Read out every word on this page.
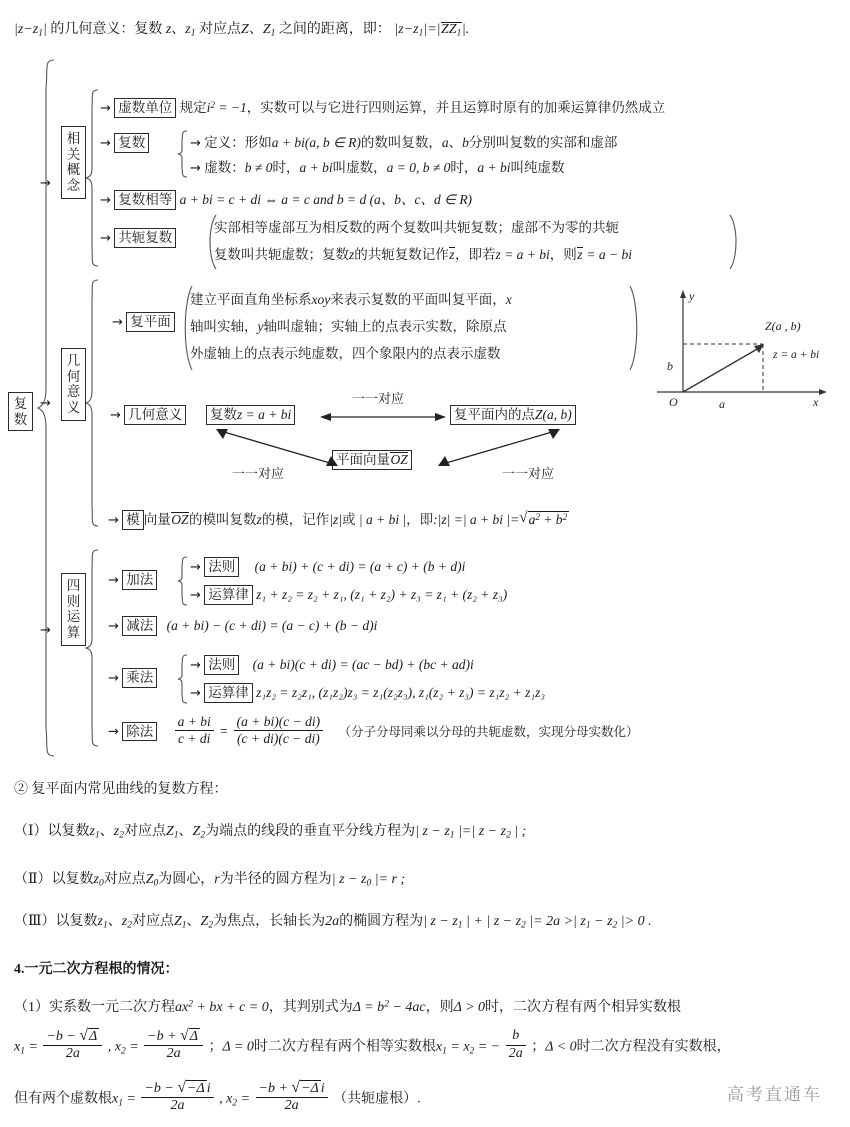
$|z-z_1|$ 的几何意义：复数 z、$z_1$ 对应点Z、$Z_1$ 之间的距离，即： $|z-z_1|=|ZZ_1|$.
复
数
→
→
→
相
关
概
念
几
何
意
义
四
则
运
算
→ 虚数单位 规定$i^2 = -1$，实数可以与它进行四则运算，并且运算时原有的加乘运算律仍然成立
→ 复数	→ 定义：形如a + bi(a, b ∈ R)的数叫复数，a、b分别叫复数的实部和虚部
→ 虚数：b ≠ 0时，a + bi叫虚数，a = 0, b ≠ 0时，a + bi叫纯虚数
→ 复数相等 a + bi = c + di ⇔ a = c and b = d (a、b、c、d ∈ R)
→ 共轭复数
实部相等虚部互为相反数的两个复数叫共轭复数；虚部不为零的共轭
复数叫共轭虚数；复数z的共轭复数记作z，即若z = a + bi，则z = a − bi
→ 复平面
建立平面直角坐标系xoy来表示复数的平面叫复平面，x
轴叫实轴，y轴叫虚轴；实轴上的点表示实数，除原点
外虚轴上的点表示纯虚数，四个象限内的点表示虚数
y
x
O
b
a
Z(a , b)
z = a + bi
→ 几何意义 复数z = a + bi	复平面内的点Z(a, b)
平面向量OZ
一一对应
一一对应	一一对应
→ 模 向量OZ的模叫复数z的模，记作|z|或 | a + bi |，即:|z| =| a + bi |= √ $a^2 + b^2$
→ 加法
→ 法则 (a + bi) + (c + di) = (a + c) + (b + d)i
→ 运算律 z₁ + z₂ = z₂ + z₁, (z₁ + z₂) + z₃ = z₁ + (z₂ + z₃)
→ 减法 (a + bi) − (c + di) = (a − c) + (b − d)i
→ 乘法
→ 法则 (a + bi)(c + di) = (ac − bd) + (bc + ad)i
→ 运算律 z₁z₂ = z₂z₁, (z₁z₂)z₃ = z₁(z₂z₃), z₁(z₂ + z₃) = z₁z₂ + z₁z₃
→ 除法 $\frac{a + bi}{c + di} = \frac{(a + bi)(c - di)}{(c + di)(c - di)}$ （分子分母同乘以分母的共轭虚数，实现分母实数化）
② 复平面内常见曲线的复数方程：
（Ⅰ）以复数$z_1$、$z_2$对应点$Z_1$、$Z_2$为端点的线段的垂直平分线方程为| $z - z_1$ |=| $z - z_2$ | ;
（Ⅱ）以复数$z_0$对应点$Z_0$为圆心，r为半径的圆方程为| $z - z_0$ |= r ;
（Ⅲ）以复数$z_1$、$z_2$对应点$Z_1$、$Z_2$为焦点，长轴长为2a的椭圆方程为| $z - z_1$ | + | $z - z_2$ |= 2a >| $z_1 - z_2$ |> 0 .
4.一元二次方程根的情况：
（1）实系数一元二次方程$ax^2$ + bx + c = 0，其判别式为$\Delta = b^2 - 4ac$，则Δ > 0时，二次方程有两个相异实数根
$x_1 = \frac{-b - √ \Delta}{2a}$ , $x_2 = \frac{-b + √ \Delta}{2a}$ ；Δ = 0时二次方程有两个相等实数根$x_1 = x_2$ = − $\frac{b}{2a}$ ；Δ < 0时二次方程没有实数根，
但有两个虚数根$x_1 = \frac{\text{−b − √ −Δ i}}{2a}$ , $x_2 = \frac{\text{−b + √ −Δ i}}{2a}$ （共轭虚根）.	高考直通车
